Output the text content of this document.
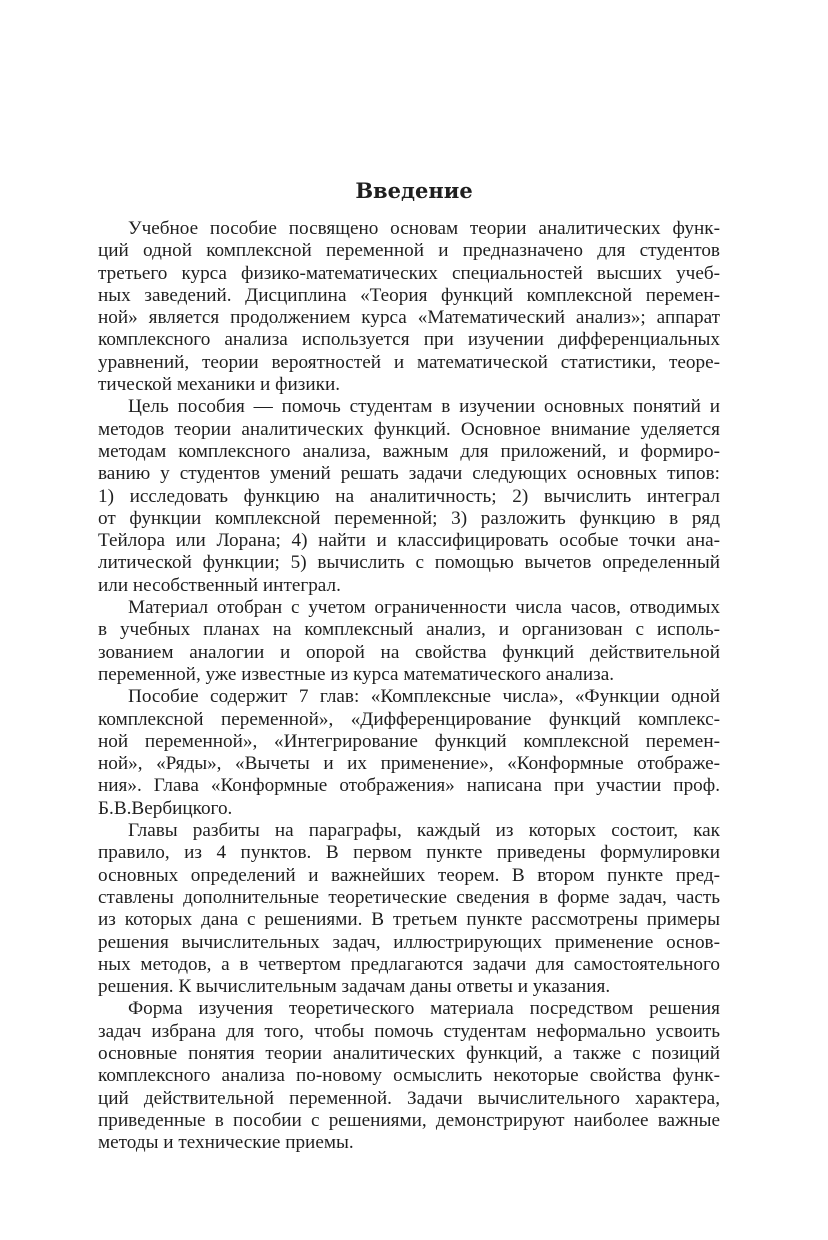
Введение
Учебное пособие посвящено основам теории аналитических функ-
ций одной комплексной переменной и предназначено для студентов
третьего курса физико-математических специальностей высших учеб-
ных заведений. Дисциплина «Теория функций комплексной перемен-
ной» является продолжением курса «Математический анализ»; аппарат
комплексного анализа используется при изучении дифференциальных
уравнений, теории вероятностей и математической статистики, теоре-
тической механики и физики.
Цель пособия — помочь студентам в изучении основных понятий и
методов теории аналитических функций. Основное внимание уделяется
методам комплексного анализа, важным для приложений, и формиро-
ванию у студентов умений решать задачи следующих основных типов:
1) исследовать функцию на аналитичность; 2) вычислить интеграл
от функции комплексной переменной; 3) разложить функцию в ряд
Тейлора или Лорана; 4) найти и классифицировать особые точки ана-
литической функции; 5) вычислить с помощью вычетов определенный
или несобственный интеграл.
Материал отобран с учетом ограниченности числа часов, отводимых
в учебных планах на комплексный анализ, и организован с исполь-
зованием аналогии и опорой на свойства функций действительной
переменной, уже известные из курса математического анализа.
Пособие содержит 7 глав: «Комплексные числа», «Функции одной
комплексной переменной», «Дифференцирование функций комплекс-
ной переменной», «Интегрирование функций комплексной перемен-
ной», «Ряды», «Вычеты и их применение», «Конформные отображе-
ния». Глава «Конформные отображения» написана при участии проф.
Б.В.Вербицкого.
Главы разбиты на параграфы, каждый из которых состоит, как
правило, из 4 пунктов. В первом пункте приведены формулировки
основных определений и важнейших теорем. В втором пункте пред-
ставлены дополнительные теоретические сведения в форме задач, часть
из которых дана с решениями. В третьем пункте рассмотрены примеры
решения вычислительных задач, иллюстрирующих применение основ-
ных методов, а в четвертом предлагаются задачи для самостоятельного
решения. К вычислительным задачам даны ответы и указания.
Форма изучения теоретического материала посредством решения
задач избрана для того, чтобы помочь студентам неформально усвоить
основные понятия теории аналитических функций, а также с позиций
комплексного анализа по-новому осмыслить некоторые свойства функ-
ций действительной переменной. Задачи вычислительного характера,
приведенные в пособии с решениями, демонстрируют наиболее важные
методы и технические приемы.
